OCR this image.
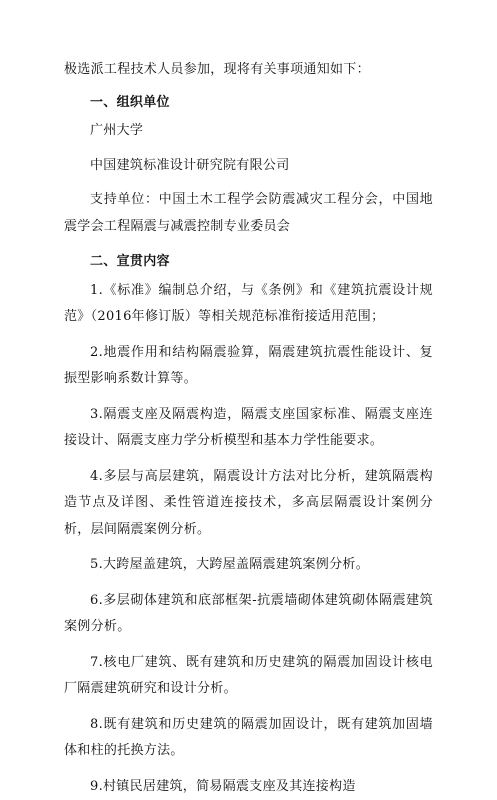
极选派工程技术人员参加，现将有关事项通知如下：

一、组织单位

广州大学

中国建筑标准设计研究院有限公司

支持单位：中国土木工程学会防震减灾工程分会，中国地震学会工程隔震与减震控制专业委员会

二、宣贯内容

1.《标准》编制总介绍，与《条例》和《建筑抗震设计规范》（2016年修订版）等相关规范标准衔接适用范围；

2.地震作用和结构隔震验算，隔震建筑抗震性能设计、复振型影响系数计算等。

3.隔震支座及隔震构造，隔震支座国家标准、隔震支座连接设计、隔震支座力学分析模型和基本力学性能要求。

4.多层与高层建筑，隔震设计方法对比分析，建筑隔震构造节点及详图、柔性管道连接技术，多高层隔震设计案例分析，层间隔震案例分析。

5.大跨屋盖建筑，大跨屋盖隔震建筑案例分析。

6.多层砌体建筑和底部框架-抗震墙砌体建筑砌体隔震建筑案例分析。

7.核电厂建筑、既有建筑和历史建筑的隔震加固设计核电厂隔震建筑研究和设计分析。

8.既有建筑和历史建筑的隔震加固设计，既有建筑加固墙体和柱的托换方法。

9.村镇民居建筑，简易隔震支座及其连接构造
